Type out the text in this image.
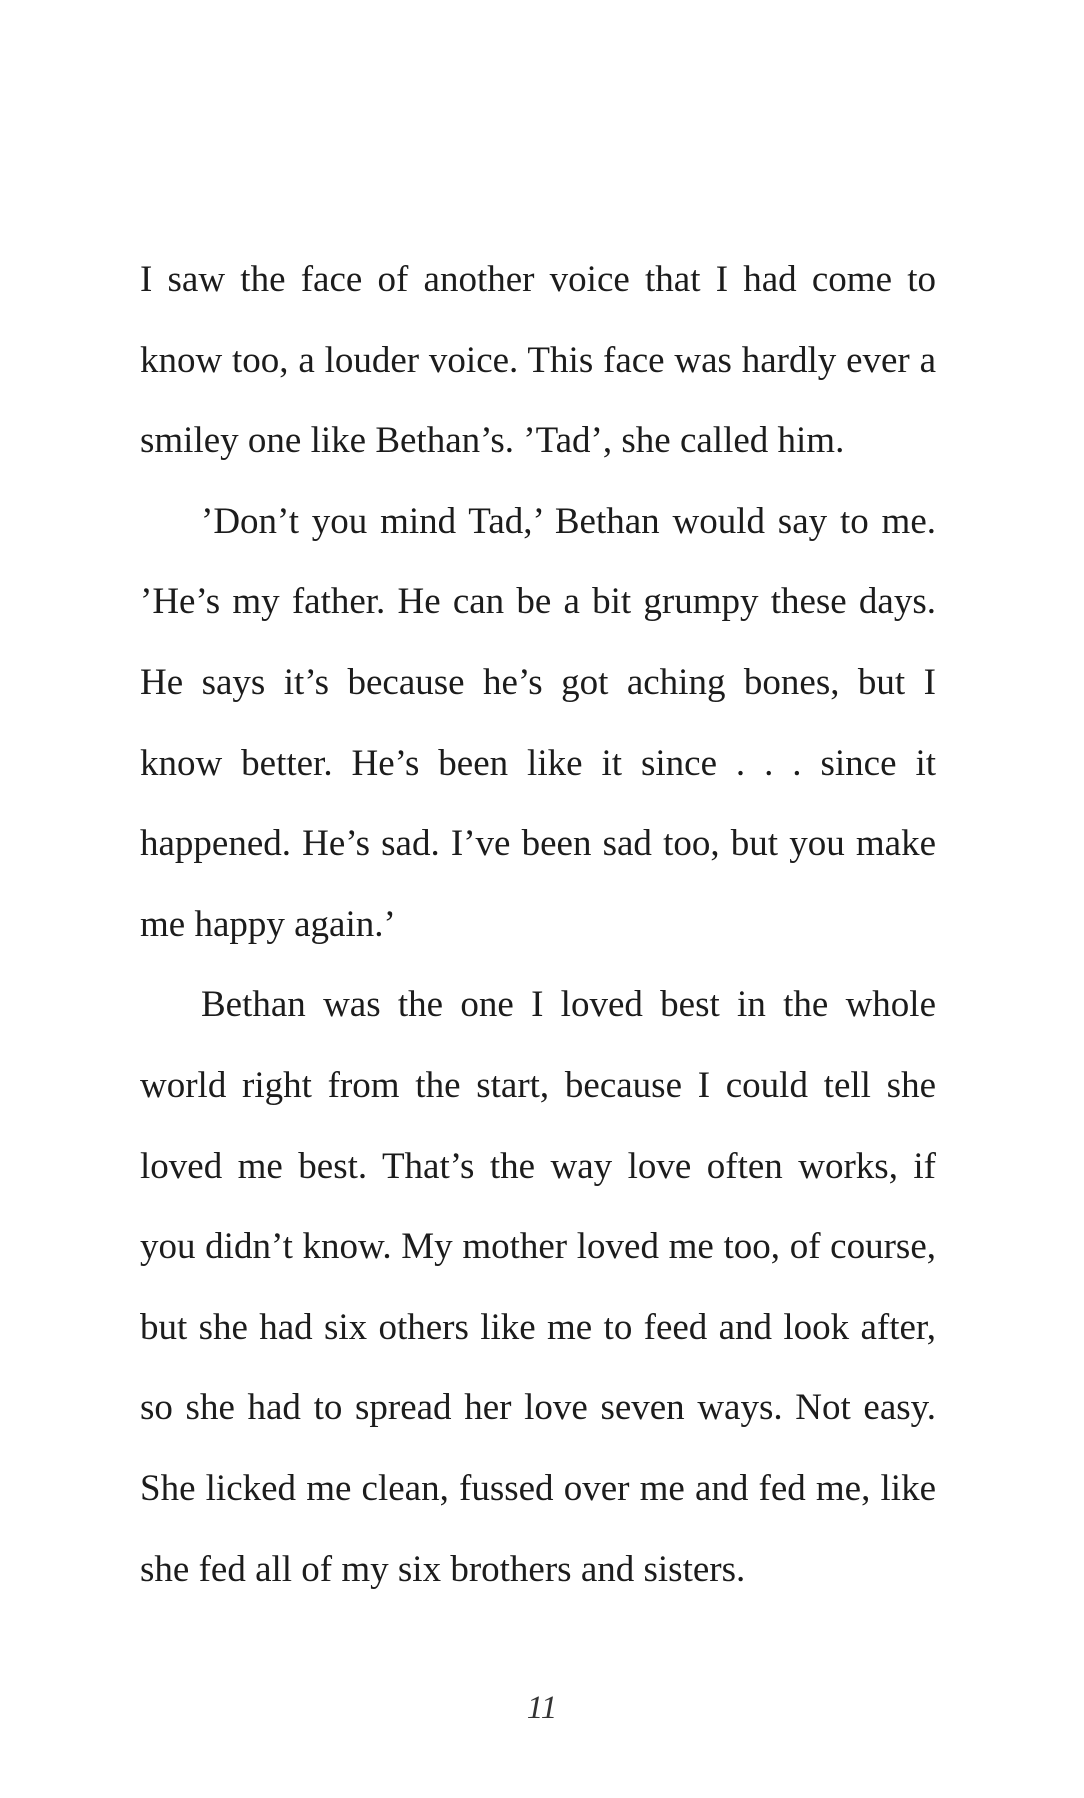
I saw the face of another voice that I had come to know too, a louder voice. This face was hardly ever a smiley one like Bethan’s. ’Tad’, she called him.

’Don’t you mind Tad,’ Bethan would say to me. ’He’s my father. He can be a bit grumpy these days. He says it’s because he’s got aching bones, but I know better. He’s been like it since . . . since it happened. He’s sad. I’ve been sad too, but you make me happy again.’

Bethan was the one I loved best in the whole world right from the start, because I could tell she loved me best. That’s the way love often works, if you didn’t know. My mother loved me too, of course, but she had six others like me to feed and look after, so she had to spread her love seven ways. Not easy. She licked me clean, fussed over me and fed me, like she fed all of my six brothers and sisters.

11
